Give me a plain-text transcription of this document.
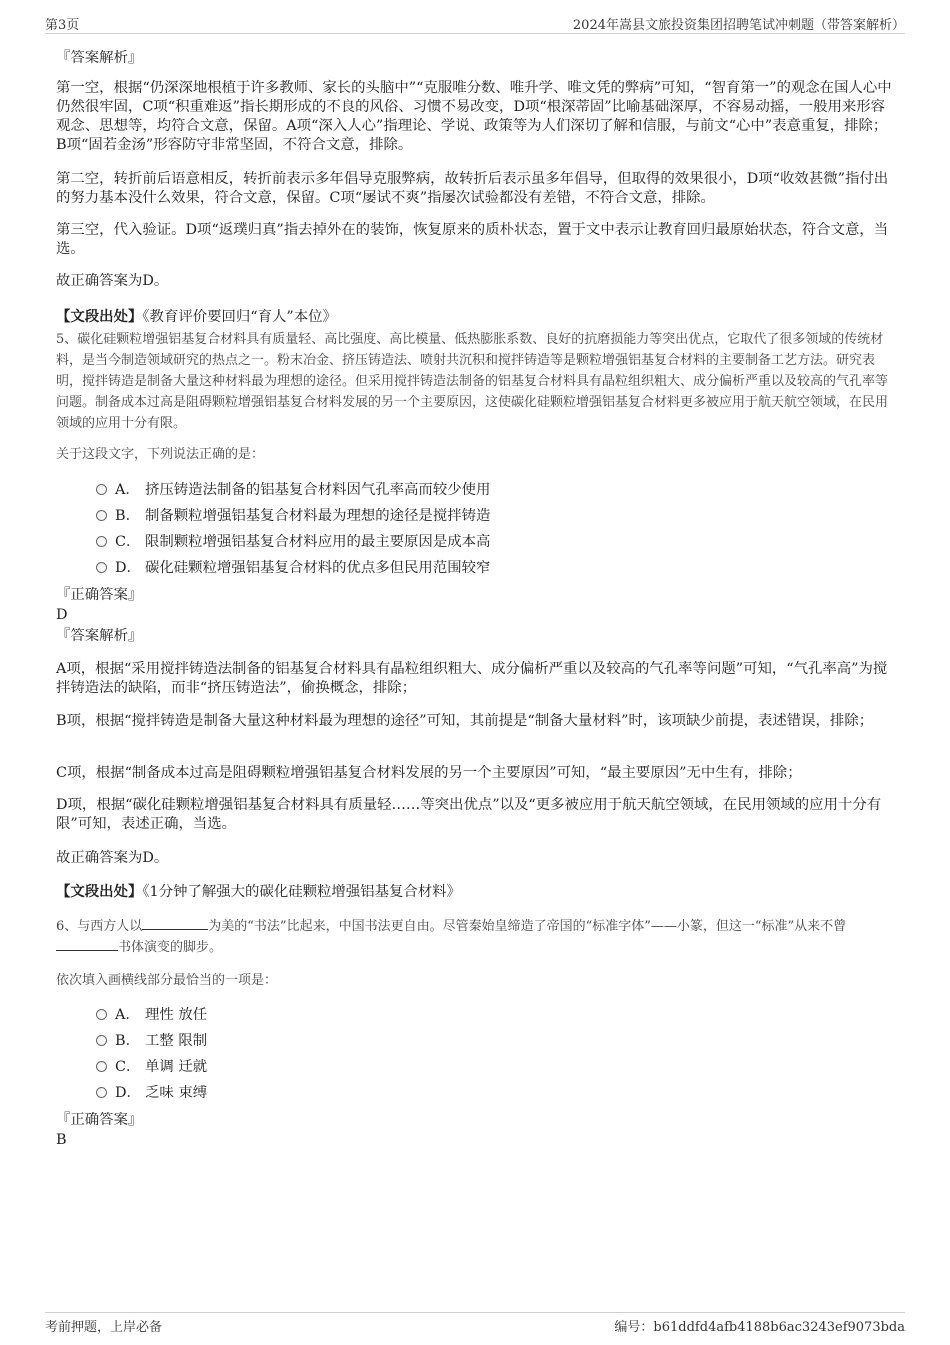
第3页	2024年嵩县文旅投资集团招聘笔试冲刺题（带答案解析）
『答案解析』
第一空，根据“仍深深地根植于许多教师、家长的头脑中”“克服唯分数、唯升学、唯文凭的弊病”可知，“智育第一”的观念在国人心中仍然很牢固，C项“积重难返”指长期形成的不良的风俗、习惯不易改变，D项“根深蒂固”比喻基础深厚，不容易动摇，一般用来形容观念、思想等，均符合文意，保留。A项“深入人心”指理论、学说、政策等为人们深切了解和信服，与前文“心中”表意重复，排除；B项“固若金汤”形容防守非常坚固，不符合文意，排除。
第二空，转折前后语意相反，转折前表示多年倡导克服弊病，故转折后表示虽多年倡导，但取得的效果很小，D项“收效甚微”指付出的努力基本没什么效果，符合文意，保留。C项“屡试不爽”指屡次试验都没有差错，不符合文意，排除。
第三空，代入验证。D项“返璞归真”指去掉外在的装饰，恢复原来的质朴状态，置于文中表示让教育回归最原始状态，符合文意，当选。
故正确答案为D。
【文段出处】《教育评价要回归“育人”本位》
5、碳化硅颗粒增强铝基复合材料具有质量轻、高比强度、高比模量、低热膨胀系数、良好的抗磨损能力等突出优点，它取代了很多领域的传统材料，是当今制造领域研究的热点之一。粉末冶金、挤压铸造法、喷射共沉积和搅拌铸造等是颗粒增强铝基复合材料的主要制备工艺方法。研究表明，搅拌铸造是制备大量这种材料最为理想的途径。但采用搅拌铸造法制备的铝基复合材料具有晶粒组织粗大、成分偏析严重以及较高的气孔率等问题。制备成本过高是阻碍颗粒增强铝基复合材料发展的另一个主要原因，这使碳化硅颗粒增强铝基复合材料更多被应用于航天航空领域，在民用领域的应用十分有限。
关于这段文字，下列说法正确的是：
A． 挤压铸造法制备的铝基复合材料因气孔率高而较少使用
B． 制备颗粒增强铝基复合材料最为理想的途径是搅拌铸造
C． 限制颗粒增强铝基复合材料应用的最主要原因是成本高
D． 碳化硅颗粒增强铝基复合材料的优点多但民用范围较窄
『正确答案』
D
『答案解析』
A项，根据“采用搅拌铸造法制备的铝基复合材料具有晶粒组织粗大、成分偏析严重以及较高的气孔率等问题”可知，“气孔率高”为搅拌铸造法的缺陷，而非“挤压铸造法”，偷换概念，排除；
B项，根据“搅拌铸造是制备大量这种材料最为理想的途径”可知，其前提是“制备大量材料”时，该项缺少前提，表述错误，排除；
C项，根据“制备成本过高是阻碍颗粒增强铝基复合材料发展的另一个主要原因”可知，“最主要原因”无中生有，排除；
D项，根据“碳化硅颗粒增强铝基复合材料具有质量轻……等突出优点”以及“更多被应用于航天航空领域，在民用领域的应用十分有限”可知，表述正确，当选。
故正确答案为D。
【文段出处】《1分钟了解强大的碳化硅颗粒增强铝基复合材料》
6、与西方人以	为美的“书法”比起来，中国书法更自由。尽管秦始皇缔造了帝国的“标准字体”——小篆，但这一“标准”从来不曾书体演变的脚步。
依次填入画横线部分最恰当的一项是：
A． 理性 放任
B． 工整 限制
C． 单调 迁就
D． 乏味 束缚
『正确答案』
B
考前押题，上岸必备	编号：b61ddfd4afb4188b6ac3243ef9073bda
